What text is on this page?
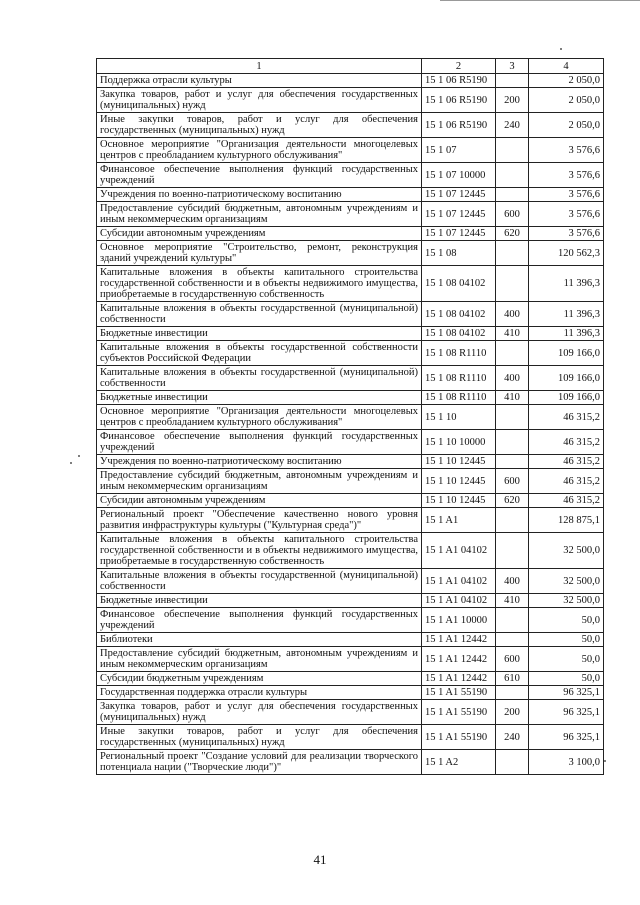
1	2	3	4
Поддержка отрасли культуры	15 1 06 R5190		2 050,0
Закупка товаров, работ и услуг для обеспечения государственных (муниципальных) нужд	15 1 06 R5190	200	2 050,0
Иные закупки товаров, работ и услуг для обеспечения государственных (муниципальных) нужд	15 1 06 R5190	240	2 050,0
Основное мероприятие "Организация деятельности многоцелевых центров с преобладанием культурного обслуживания"	15 1 07		3 576,6
Финансовое обеспечение выполнения функций государственных учреждений	15 1 07 10000		3 576,6
Учреждения по военно-патриотическому воспитанию	15 1 07 12445		3 576,6
Предоставление субсидий бюджетным, автономным учреждениям и иным некоммерческим организациям	15 1 07 12445	600	3 576,6
Субсидии автономным учреждениям	15 1 07 12445	620	3 576,6
Основное мероприятие "Строительство, ремонт, реконструкция зданий учреждений культуры"	15 1 08		120 562,3
Капитальные вложения в объекты капитального строительства государственной собственности и в объекты недвижимого имущества, приобретаемые в государственную собственность	15 1 08 04102		11 396,3
Капитальные вложения в объекты государственной (муниципальной) собственности	15 1 08 04102	400	11 396,3
Бюджетные инвестиции	15 1 08 04102	410	11 396,3
Капитальные вложения в объекты государственной собственности субъектов Российской Федерации	15 1 08 R1110		109 166,0
Капитальные вложения в объекты государственной (муниципальной) собственности	15 1 08 R1110	400	109 166,0
Бюджетные инвестиции	15 1 08 R1110	410	109 166,0
Основное мероприятие "Организация деятельности многоцелевых центров с преобладанием культурного обслуживания"	15 1 10		46 315,2
Финансовое обеспечение выполнения функций государственных учреждений	15 1 10 10000		46 315,2
Учреждения по военно-патриотическому воспитанию	15 1 10 12445		46 315,2
Предоставление субсидий бюджетным, автономным учреждениям и иным некоммерческим организациям	15 1 10 12445	600	46 315,2
Субсидии автономным учреждениям	15 1 10 12445	620	46 315,2
Региональный проект "Обеспечение качественно нового уровня развития инфраструктуры культуры ("Культурная среда")"	15 1 A1		128 875,1
Капитальные вложения в объекты капитального строительства государственной собственности и в объекты недвижимого имущества, приобретаемые в государственную собственность	15 1 A1 04102		32 500,0
Капитальные вложения в объекты государственной (муниципальной) собственности	15 1 A1 04102	400	32 500,0
Бюджетные инвестиции	15 1 A1 04102	410	32 500,0
Финансовое обеспечение выполнения функций государственных учреждений	15 1 A1 10000		50,0
Библиотеки	15 1 A1 12442		50,0
Предоставление субсидий бюджетным, автономным учреждениям и иным некоммерческим организациям	15 1 A1 12442	600	50,0
Субсидии бюджетным учреждениям	15 1 A1 12442	610	50,0
Государственная поддержка отрасли культуры	15 1 A1 55190		96 325,1
Закупка товаров, работ и услуг для обеспечения государственных (муниципальных) нужд	15 1 A1 55190	200	96 325,1
Иные закупки товаров, работ и услуг для обеспечения государственных (муниципальных) нужд	15 1 A1 55190	240	96 325,1
Региональный проект "Создание условий для реализации творческого потенциала нации ("Творческие люди")"	15 1 A2		3 100,0
41
